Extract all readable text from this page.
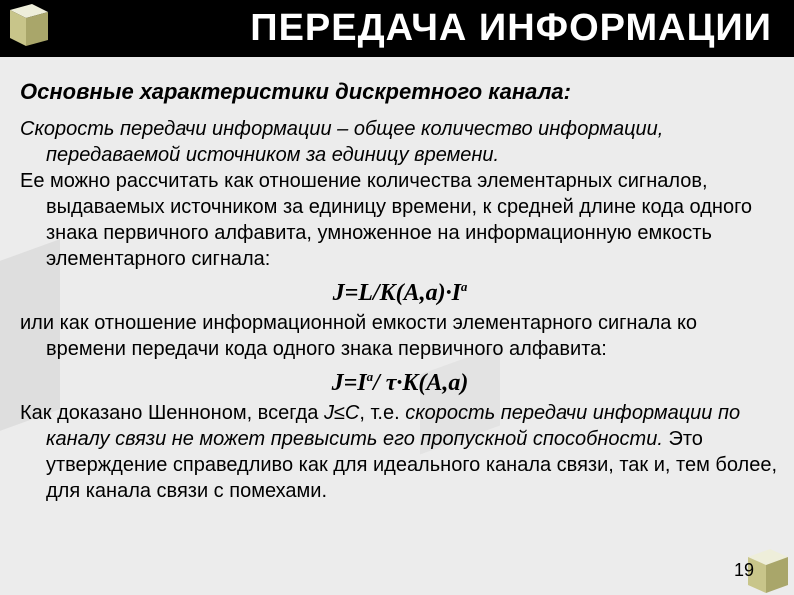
ПЕРЕДАЧА ИНФОРМАЦИИ
Основные характеристики дискретного канала:

Скорость передачи информации – общее количество информации, передаваемой источником за единицу времени.

Ее можно рассчитать как отношение количества элементарных сигналов, выдаваемых источником за единицу времени, к средней длине кода одного знака первичного алфавита, умноженное на информационную емкость элементарного сигнала:

$J=L/K(A,a)\cdot I^a$

или как отношение информационной емкости элементарного сигнала ко времени передачи кода одного знака первичного алфавита:

$J=I^a/$ τ·K(A,a)

Как доказано Шенноном, всегда J≤C, т.е. скорость передачи информации по каналу связи не может превысить его пропускной способности. Это утверждение справедливо как для идеального канала связи, так и, тем более, для канала связи с помехами.

19
